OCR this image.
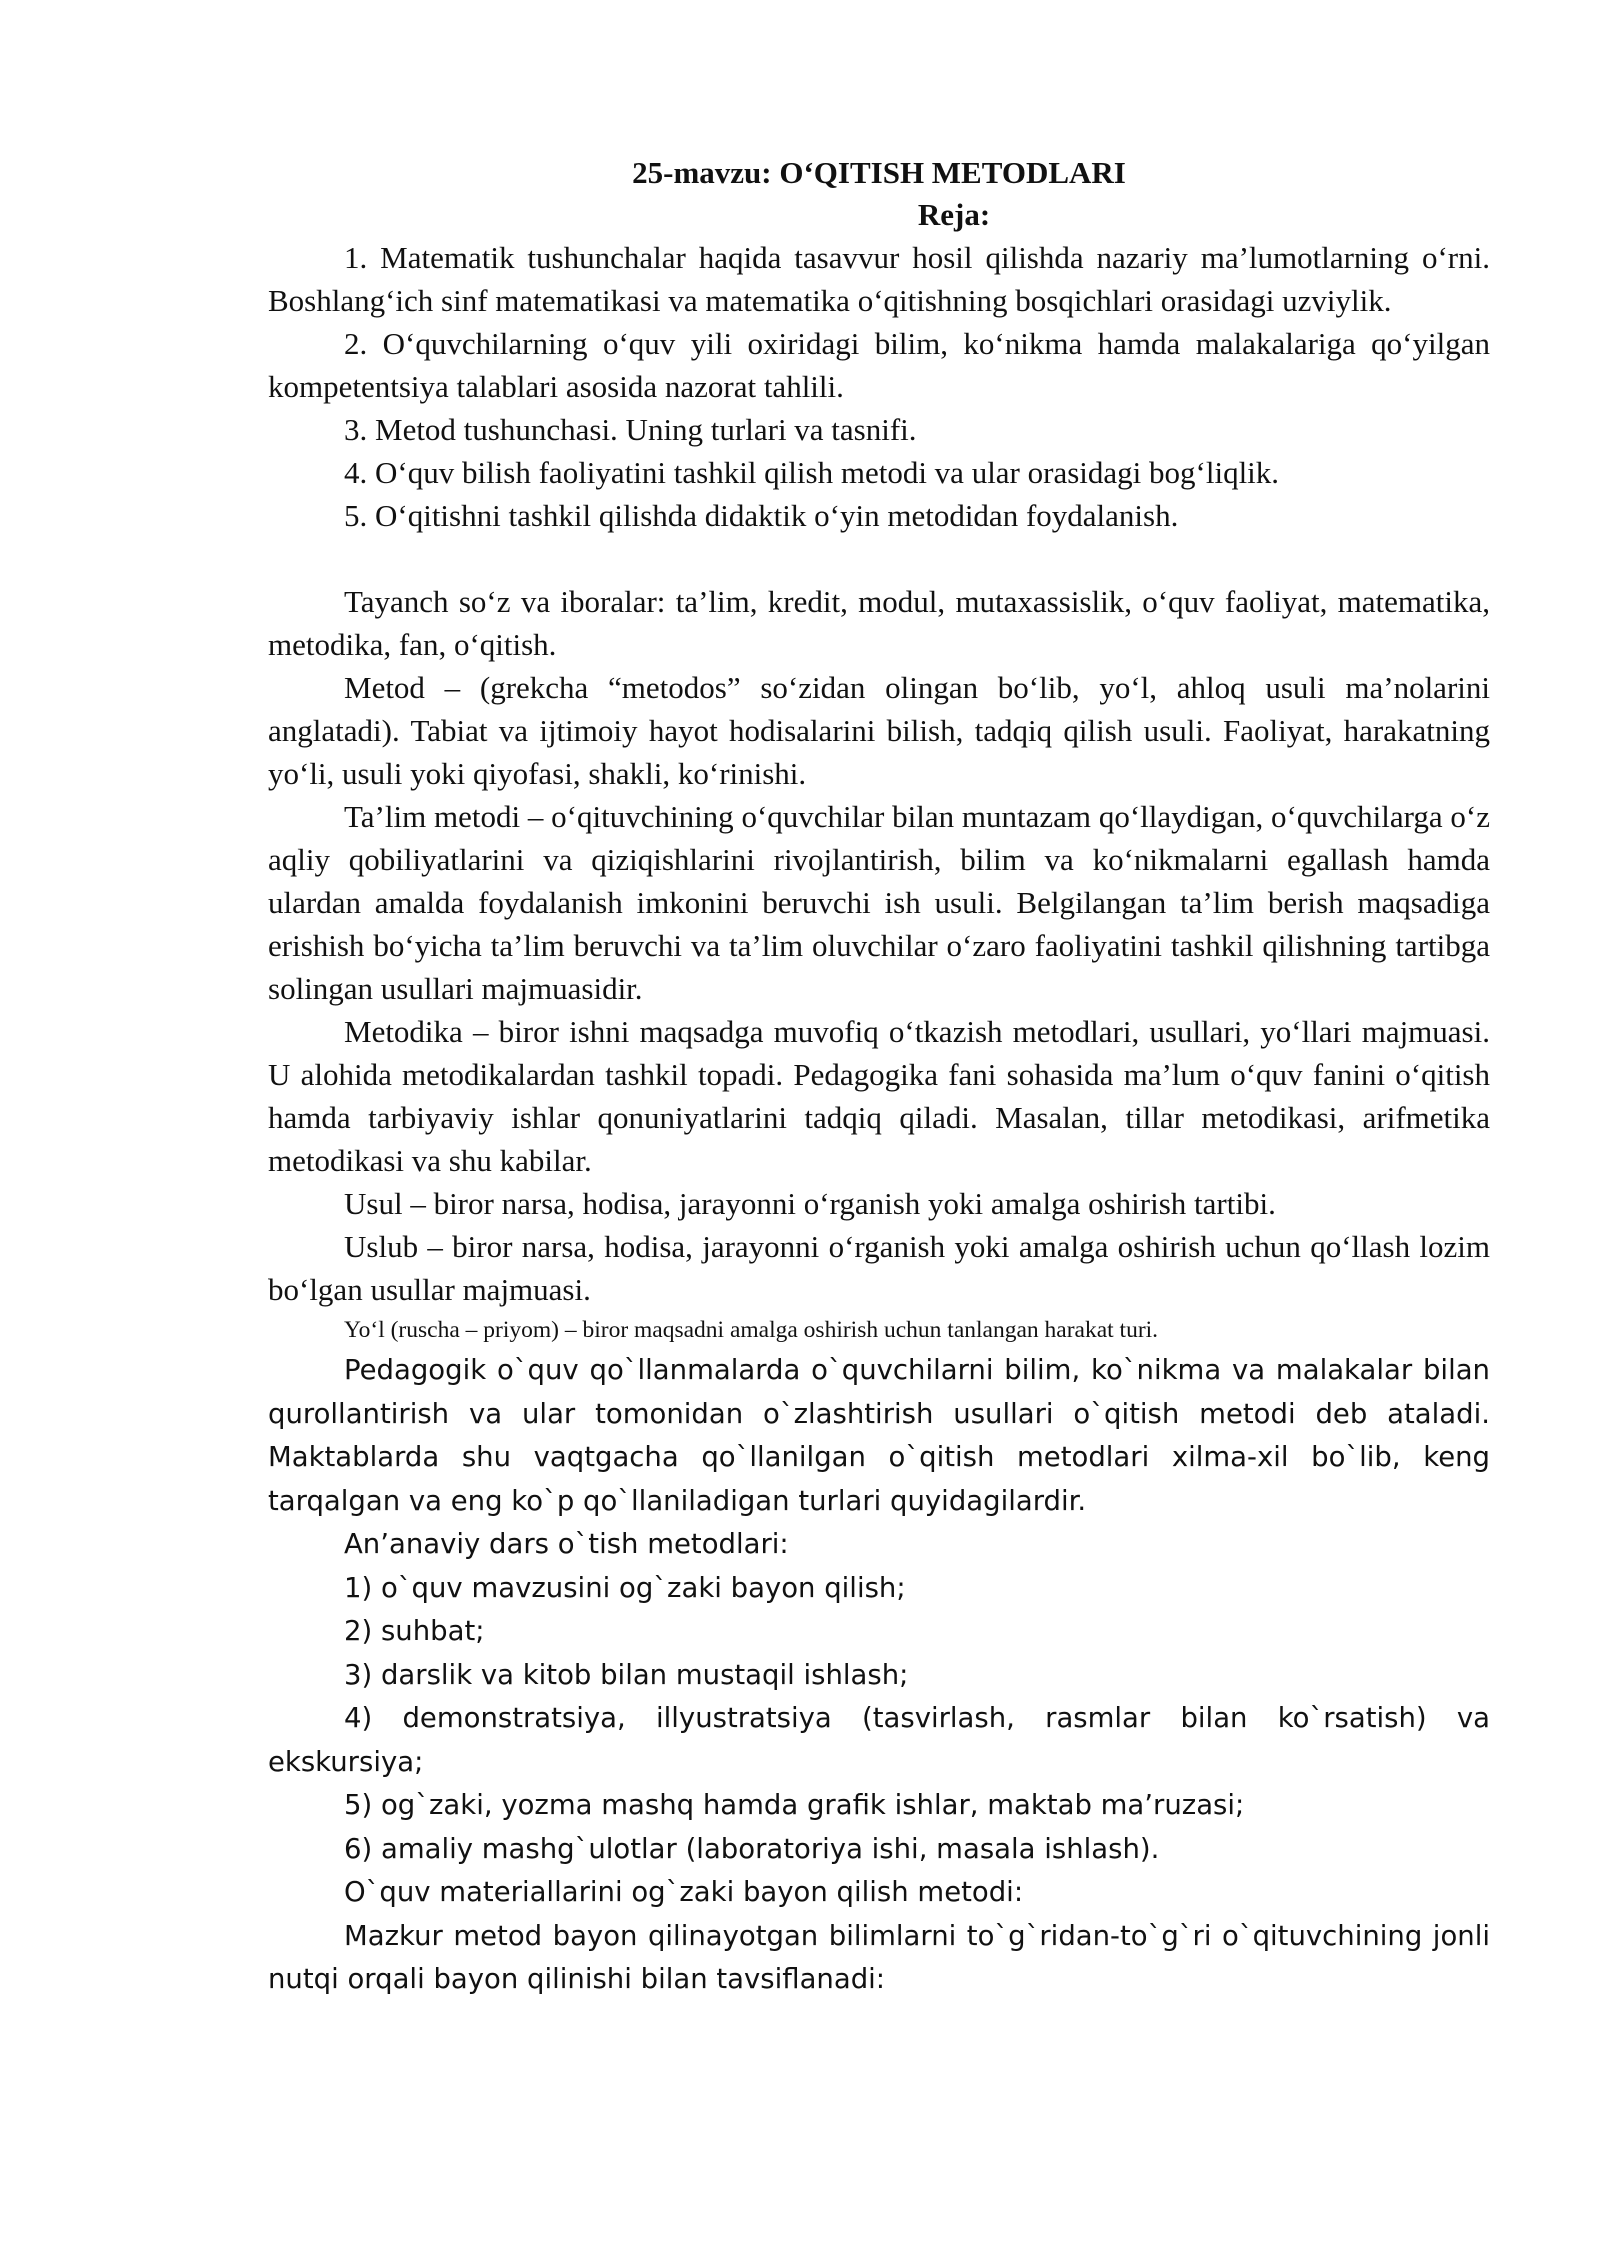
25-mavzu: O‘QITISH METODLARI
Reja:

1. Matematik tushunchalar haqida tasavvur hosil qilishda nazariy ma’lumotlarning o‘rni. Boshlang‘ich sinf matematikasi va matematika o‘qitishning bosqichlari orasidagi uzviylik.

2. O‘quvchilarning o‘quv yili oxiridagi bilim, ko‘nikma hamda malakalariga qo‘yilgan kompetentsiya talablari asosida nazorat tahlili.

3. Metod tushunchasi. Uning turlari va tasnifi.

4. O‘quv bilish faoliyatini tashkil qilish metodi va ular orasidagi bog‘liqlik.

5. O‘qitishni tashkil qilishda didaktik o‘yin metodidan foydalanish.

Tayanch so‘z va iboralar: ta’lim, kredit, modul, mutaxassislik, o‘quv faoliyat, matematika, metodika, fan, o‘qitish.

Metod – (grekcha “metodos” so‘zidan olingan bo‘lib, yo‘l, ahloq usuli ma’nolarini anglatadi). Tabiat va ijtimoiy hayot hodisalarini bilish, tadqiq qilish usuli. Faoliyat, harakatning yo‘li, usuli yoki qiyofasi, shakli, ko‘rinishi.

Ta’lim metodi – o‘qituvchining o‘quvchilar bilan muntazam qo‘llaydigan, o‘quvchilarga o‘z aqliy qobiliyatlarini va qiziqishlarini rivojlantirish, bilim va ko‘nikmalarni egallash hamda ulardan amalda foydalanish imkonini beruvchi ish usuli. Belgilangan ta’lim berish maqsadiga erishish bo‘yicha ta’lim beruvchi va ta’lim oluvchilar o‘zaro faoliyatini tashkil qilishning tartibga solingan usullari majmuasidir.

Metodika – biror ishni maqsadga muvofiq o‘tkazish metodlari, usullari, yo‘llari majmuasi. U alohida metodikalardan tashkil topadi. Pedagogika fani sohasida ma’lum o‘quv fanini o‘qitish hamda tarbiyaviy ishlar qonuniyatlarini tadqiq qiladi. Masalan, tillar metodikasi, arifmetika metodikasi va shu kabilar.

Usul – biror narsa, hodisa, jarayonni o‘rganish yoki amalga oshirish tartibi.

Uslub – biror narsa, hodisa, jarayonni o‘rganish yoki amalga oshirish uchun qo‘llash lozim bo‘lgan usullar majmuasi.

Yo‘l (ruscha – priyom) – biror maqsadni amalga oshirish uchun tanlangan harakat turi.

Pedagogik o`quv qo`llanmalarda o`quvchilarni bilim, ko`nikma va malakalar bilan qurollantirish va ular tomonidan o`zlashtirish usullari o`qitish metodi deb ataladi. Maktablarda shu vaqtgacha qo`llanilgan o`qitish metodlari xilma-xil bo`lib, keng tarqalgan va eng ko`p qo`llaniladigan turlari quyidagilardir.

An’anaviy dars o`tish metodlari:

1) o`quv mavzusini og`zaki bayon qilish;

2) suhbat;

3) darslik va kitob bilan mustaqil ishlash;

4) demonstratsiya, illyustratsiya (tasvirlash, rasmlar bilan ko`rsatish) va ekskursiya;

5) og`zaki, yozma mashq hamda grafik ishlar, maktab ma’ruzasi;

6) amaliy mashg`ulotlar (laboratoriya ishi, masala ishlash).

O`quv materiallarini og`zaki bayon qilish metodi:

Mazkur metod bayon qilinayotgan bilimlarni to`g`ridan-to`g`ri o`qituvchining jonli nutqi orqali bayon qilinishi bilan tavsiflanadi:
